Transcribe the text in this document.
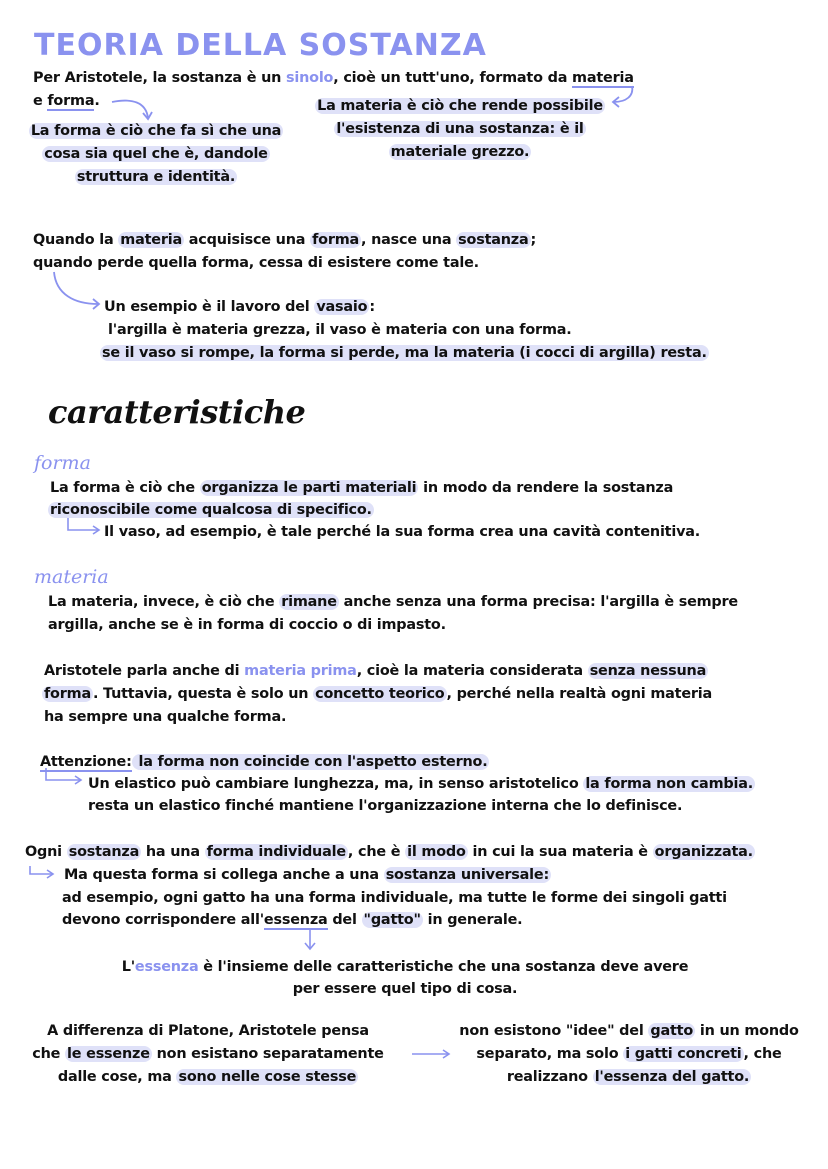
TEORIA DELLA SOSTANZA
Per Aristotele, la sostanza è un sinolo, cioè un tutt'uno, formato da materia
e forma.
La forma è ciò che fa sì che una
cosa sia quel che è, dandole
struttura e identità.
La materia è ciò che rende possibile
l'esistenza di una sostanza: è il
materiale grezzo.
Quando la materia acquisisce una forma , nasce una sostanza ;
quando perde quella forma, cessa di esistere come tale.
Un esempio è il lavoro del vasaio :
l'argilla è materia grezza, il vaso è materia con una forma.
se il vaso si rompe, la forma si perde, ma la materia (i cocci di argilla) resta.
caratteristiche
forma
La forma è ciò che organizza le parti materiali in modo da rendere la sostanza
riconoscibile come qualcosa di specifico.
Il vaso, ad esempio, è tale perché la sua forma crea una cavità contenitiva.
materia
La materia, invece, è ciò che rimane anche senza una forma precisa: l'argilla è sempre
argilla, anche se è in forma di coccio o di impasto.
Aristotele parla anche di materia prima, cioè la materia considerata senza nessuna
forma . Tuttavia, questa è solo un concetto teorico , perché nella realtà ogni materia
ha sempre una qualche forma.
Attenzione: la forma non coincide con l'aspetto esterno.
Un elastico può cambiare lunghezza, ma, in senso aristotelico la forma non cambia.
resta un elastico finché mantiene l'organizzazione interna che lo definisce.
Ogni sostanza ha una forma individuale , che è il modo in cui la sua materia è organizzata.
Ma questa forma si collega anche a una sostanza universale:
ad esempio, ogni gatto ha una forma individuale, ma tutte le forme dei singoli gatti
devono corrispondere all'essenza del "gatto" in generale.
L'essenza è l'insieme delle caratteristiche che una sostanza deve avere
per essere quel tipo di cosa.
A differenza di Platone, Aristotele pensa
che le essenze non esistano separatamente
dalle cose, ma sono nelle cose stesse
non esistono "idee" del gatto in un mondo
separato, ma solo i gatti concreti , che
realizzano l'essenza del gatto.
